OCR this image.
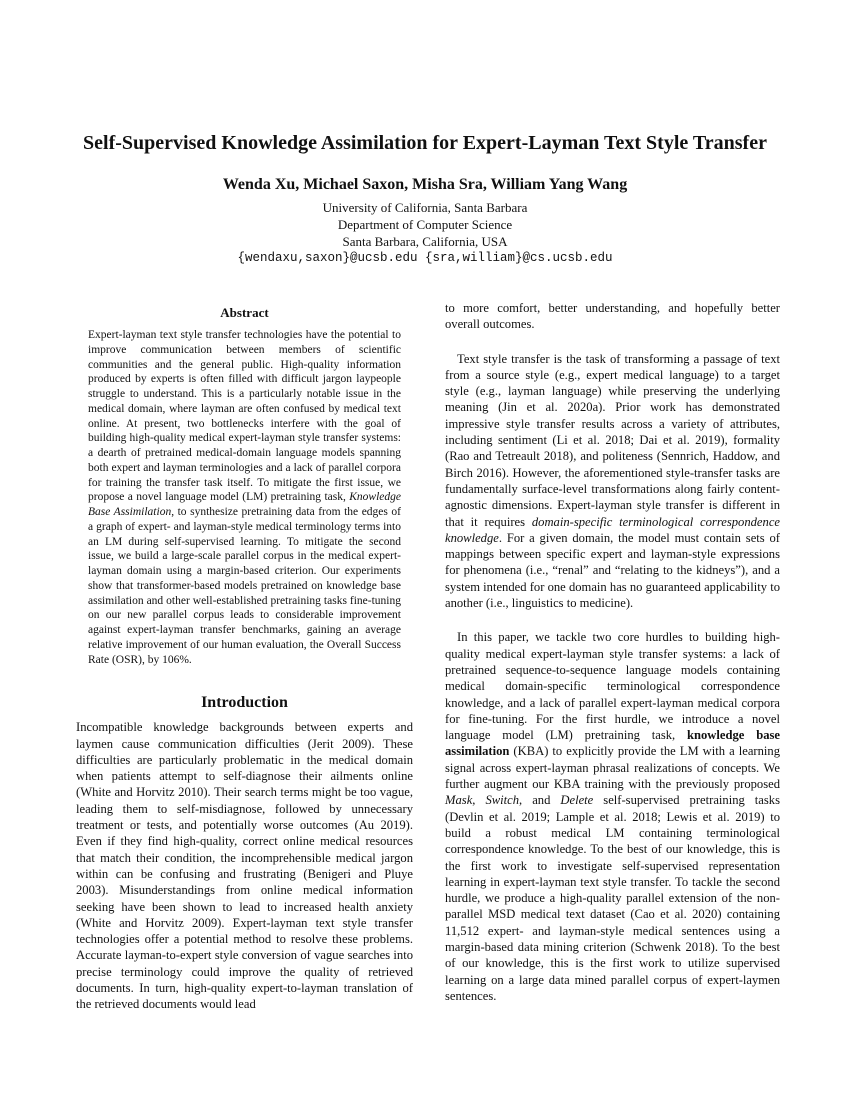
Self-Supervised Knowledge Assimilation for Expert-Layman Text Style Transfer
Wenda Xu, Michael Saxon, Misha Sra, William Yang Wang
University of California, Santa Barbara
Department of Computer Science
Santa Barbara, California, USA
{wendaxu,saxon}@ucsb.edu {sra,william}@cs.ucsb.edu
Abstract

Expert-layman text style transfer technologies have the potential to improve communication between members of scientific communities and the general public. High-quality information produced by experts is often filled with difficult jargon laypeople struggle to understand. This is a particularly notable issue in the medical domain, where layman are often confused by medical text online. At present, two bottlenecks interfere with the goal of building high-quality medical expert-layman style transfer systems: a dearth of pretrained medical-domain language models spanning both expert and layman terminologies and a lack of parallel corpora for training the transfer task itself. To mitigate the first issue, we propose a novel language model (LM) pretraining task, Knowledge Base Assimilation, to synthesize pretraining data from the edges of a graph of expert- and layman-style medical terminology terms into an LM during self-supervised learning. To mitigate the second issue, we build a large-scale parallel corpus in the medical expert-layman domain using a margin-based criterion. Our experiments show that transformer-based models pretrained on knowledge base assimilation and other well-established pretraining tasks fine-tuning on our new parallel corpus leads to considerable improvement against expert-layman transfer benchmarks, gaining an average relative improvement of our human evaluation, the Overall Success Rate (OSR), by 106%.

Introduction

Incompatible knowledge backgrounds between experts and laymen cause communication difficulties (Jerit 2009). These difficulties are particularly problematic in the medical domain when patients attempt to self-diagnose their ailments online (White and Horvitz 2010). Their search terms might be too vague, leading them to self-misdiagnose, followed by unnecessary treatment or tests, and potentially worse outcomes (Au 2019). Even if they find high-quality, correct online medical resources that match their condition, the incomprehensible medical jargon within can be confusing and frustrating (Benigeri and Pluye 2003). Misunderstandings from online medical information seeking have been shown to lead to increased health anxiety (White and Horvitz 2009). Expert-layman text style transfer technologies offer a potential method to resolve these problems. Accurate layman-to-expert style conversion of vague searches into precise terminology could improve the quality of retrieved documents. In turn, high-quality expert-to-layman translation of the retrieved documents would lead

to more comfort, better understanding, and hopefully better overall outcomes.

Text style transfer is the task of transforming a passage of text from a source style (e.g., expert medical language) to a target style (e.g., layman language) while preserving the underlying meaning (Jin et al. 2020a). Prior work has demonstrated impressive style transfer results across a variety of attributes, including sentiment (Li et al. 2018; Dai et al. 2019), formality (Rao and Tetreault 2018), and politeness (Sennrich, Haddow, and Birch 2016). However, the aforementioned style-transfer tasks are fundamentally surface-level transformations along fairly content-agnostic dimensions. Expert-layman style transfer is different in that it requires domain-specific terminological correspondence knowledge. For a given domain, the model must contain sets of mappings between specific expert and layman-style expressions for phenomena (i.e., “renal” and “relating to the kidneys”), and a system intended for one domain has no guaranteed applicability to another (i.e., linguistics to medicine).

In this paper, we tackle two core hurdles to building high-quality medical expert-layman style transfer systems: a lack of pretrained sequence-to-sequence language models containing medical domain-specific terminological correspondence knowledge, and a lack of parallel expert-layman medical corpora for fine-tuning. For the first hurdle, we introduce a novel language model (LM) pretraining task, knowledge base assimilation (KBA) to explicitly provide the LM with a learning signal across expert-layman phrasal realizations of concepts. We further augment our KBA training with the previously proposed Mask, Switch, and Delete self-supervised pretraining tasks (Devlin et al. 2019; Lample et al. 2018; Lewis et al. 2019) to build a robust medical LM containing terminological correspondence knowledge. To the best of our knowledge, this is the first work to investigate self-supervised representation learning in expert-layman text style transfer. To tackle the second hurdle, we produce a high-quality parallel extension of the non-parallel MSD medical text dataset (Cao et al. 2020) containing 11,512 expert- and layman-style medical sentences using a margin-based data mining criterion (Schwenk 2018). To the best of our knowledge, this is the first work to utilize supervised learning on a large data mined parallel corpus of expert-laymen sentences.
